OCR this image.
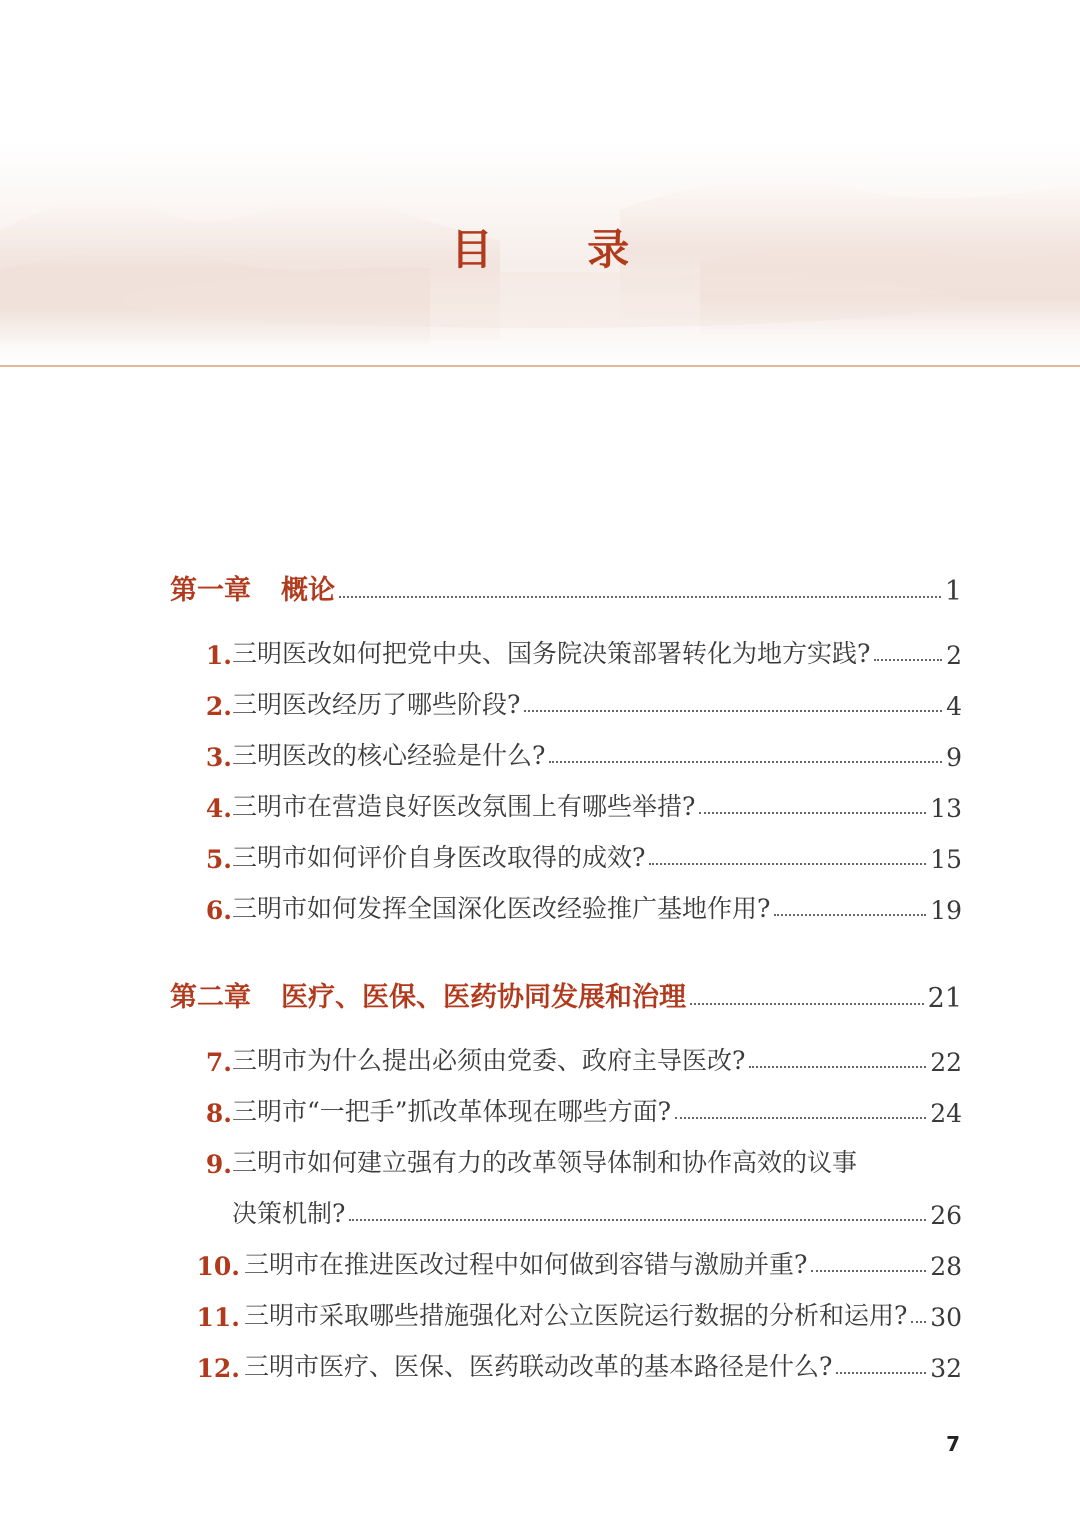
目 录
第一章 概论	1
1. 三明医改如何把党中央、国务院决策部署转化为地方实践?	2
2. 三明医改经历了哪些阶段?	4
3. 三明医改的核心经验是什么?	9
4. 三明市在营造良好医改氛围上有哪些举措?	13
5. 三明市如何评价自身医改取得的成效?	15
6. 三明市如何发挥全国深化医改经验推广基地作用?	19
第二章 医疗、医保、医药协同发展和治理	21
7. 三明市为什么提出必须由党委、政府主导医改?	22
8. 三明市“一把手”抓改革体现在哪些方面?	24
9. 三明市如何建立强有力的改革领导体制和协作高效的议事
决策机制?	26
10. 三明市在推进医改过程中如何做到容错与激励并重?	28
11. 三明市采取哪些措施强化对公立医院运行数据的分析和运用? 30
12. 三明市医疗、医保、医药联动改革的基本路径是什么?	32
7
